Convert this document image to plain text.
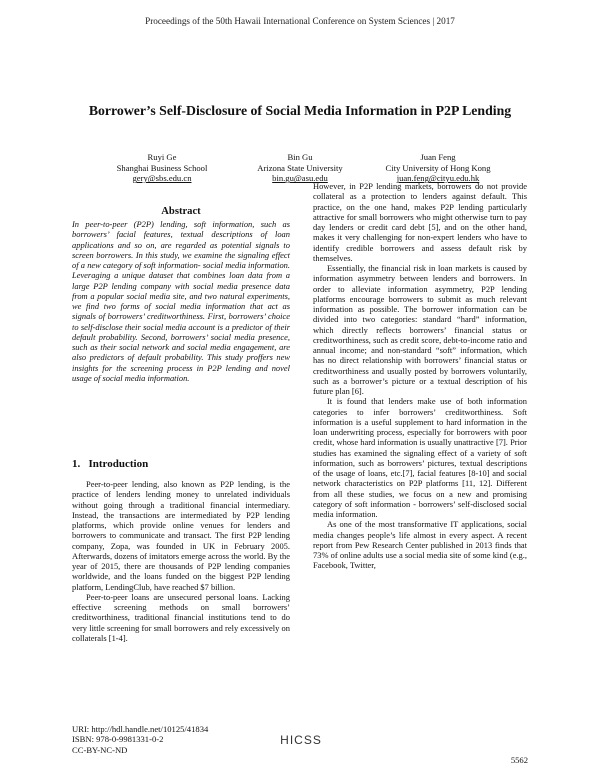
Proceedings of the 50th Hawaii International Conference on System Sciences | 2017
Borrower’s Self-Disclosure of Social Media Information in P2P Lending
Ruyi Ge
Shanghai Business School
gery@sbs.edu.cn
Bin Gu
Arizona State University
bin.gu@asu.edu
Juan Feng
City University of Hong Kong
juan.feng@cityu.edu.hk
Abstract

In peer-to-peer (P2P) lending, soft information, such as borrowers’ facial features, textual descriptions of loan applications and so on, are regarded as potential signals to screen borrowers. In this study, we examine the signaling effect of a new category of soft information- social media information. Leveraging a unique dataset that combines loan data from a large P2P lending company with social media presence data from a popular social media site, and two natural experiments, we find two forms of social media information that act as signals of borrowers’ creditworthiness. First, borrowers’ choice to self-disclose their social media account is a predictor of their default probability. Second, borrowers’ social media presence, such as their social network and social media engagement, are also predictors of default probability. This study proffers new insights for the screening process in P2P lending and novel usage of social media information.

1. Introduction

Peer-to-peer lending, also known as P2P lending, is the practice of lenders lending money to unrelated individuals without going through a traditional financial intermediary. Instead, the transactions are intermediated by P2P lending platforms, which provide online venues for lenders and borrowers to communicate and transact. The first P2P lending company, Zopa, was founded in UK in February 2005. Afterwards, dozens of imitators emerge across the world. By the year of 2015, there are thousands of P2P lending companies worldwide, and the loans funded on the biggest P2P lending platform, LendingClub, have reached $7 billion.

Peer-to-peer loans are unsecured personal loans. Lacking effective screening methods on small borrowers’ creditworthiness, traditional financial institutions tend to do very little screening for small borrowers and rely excessively on collaterals [1-4].

However, in P2P lending markets, borrowers do not provide collateral as a protection to lenders against default. This practice, on the one hand, makes P2P lending particularly attractive for small borrowers who might otherwise turn to pay day lenders or credit card debt [5], and on the other hand, makes it very challenging for non-expert lenders who have to identify credible borrowers and assess default risk by themselves.

Essentially, the financial risk in loan markets is caused by information asymmetry between lenders and borrowers. In order to alleviate information asymmetry, P2P lending platforms encourage borrowers to submit as much relevant information as possible. The borrower information can be divided into two categories: standard “hard” information, which directly reflects borrowers’ financial status or creditworthiness, such as credit score, debt-to-income ratio and annual income; and non-standard “soft” information, which has no direct relationship with borrowers’ financial status or creditworthiness and usually posted by borrowers voluntarily, such as a borrower’s picture or a textual description of his future plan [6].

It is found that lenders make use of both information categories to infer borrowers’ creditworthiness. Soft information is a useful supplement to hard information in the loan underwriting process, especially for borrowers with poor credit, whose hard information is usually unattractive [7]. Prior studies has examined the signaling effect of a variety of soft information, such as borrowers’ pictures, textual descriptions of the usage of loans, etc.[7], facial features [8-10] and social network characteristics on P2P platforms [11, 12]. Different from all these studies, we focus on a new and promising category of soft information - borrowers’ self-disclosed social media information.

As one of the most transformative IT applications, social media changes people’s life almost in every aspect. A recent report from Pew Research Center published in 2013 finds that 73% of online adults use a social media site of some kind (e.g., Facebook, Twitter,

URI: http://hdl.handle.net/10125/41834
ISBN: 978-0-9981331-0-2
CC-BY-NC-ND
HICSS
5562
